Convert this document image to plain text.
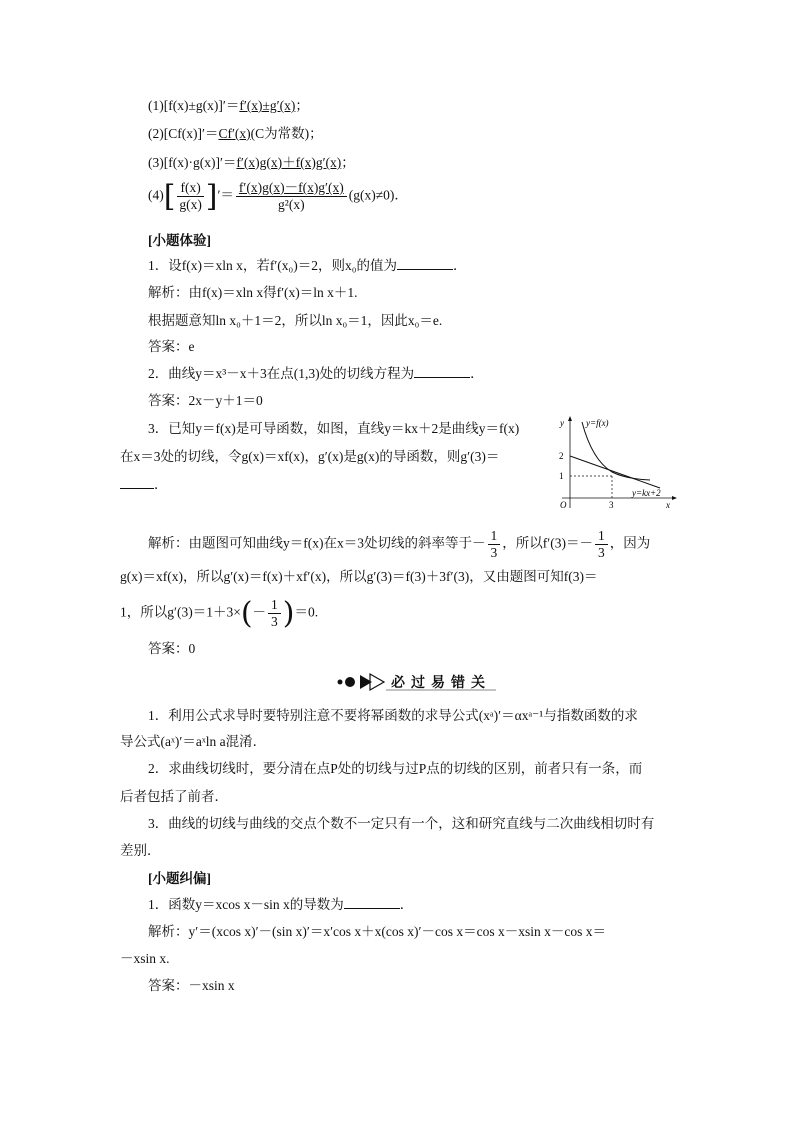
(1)[f(x)±g(x)]′＝f′(x)±g′(x)；
(2)[Cf(x)]′＝Cf′(x)(C为常数)；
(3)[f(x)·g(x)]′＝f′(x)g(x)＋f(x)g′(x)；
$(4)[ \frac{f(x)}{g(x)}$ ]′＝ $\frac{f'(x)g(x)-f(x)g'(x)}{\text{g²(x)}} (g(x)\ne 0)$．
[小题体验]
1．设f(x)＝xln x，若f′(x₀)＝2，则x₀的值为	．
解析：由f(x)＝xln x得f′(x)＝ln x＋1.
根据题意知ln x₀＋1＝2，所以ln x₀＝1，因此x₀＝e.
答案：e
2．曲线y＝x³－x＋3在点(1,3)处的切线方程为	．
答案：2x－y＋1＝0
3．已知y＝f(x)是可导函数，如图，直线y＝kx＋2是曲线y＝f(x)
在x＝3处的切线，令g(x)＝xf(x)，g′(x)是g(x)的导函数，则g′(3)＝
．
y=f(x)
y=kx+2
y
x
O
2
1
3
解析：由题图可知曲线y＝f(x)在x＝3处切线的斜率等于－ $\frac{1}{3}$ ，所以$f'(3)=- \frac{1}{3}$ ，因为
g(x)＝xf(x)，所以g′(x)＝f(x)＋xf′(x)，所以g′(3)＝f(3)＋3f′(3)，又由题图可知f(3)＝
1，所以$g'(3)=1+3\times(- \frac{1}{3} )=0$.
答案：0
必过易错关
1．利用公式求导时要特别注意不要将幂函数的求导公式(xᵃ)′＝αxᵃ⁻¹与指数函数的求
导公式(aˣ)′＝aˣln a混淆．
2．求曲线切线时，要分清在点P处的切线与过P点的切线的区别，前者只有一条，而
后者包括了前者．
3．曲线的切线与曲线的交点个数不一定只有一个，这和研究直线与二次曲线相切时有
差别．
[小题纠偏]
1．函数y＝xcos x－sin x的导数为	．
解析：y′＝(xcos x)′－(sin x)′＝x′cos x＋x(cos x)′－cos x＝cos x－xsin x－cos x＝
－xsin x.
答案：－xsin x
